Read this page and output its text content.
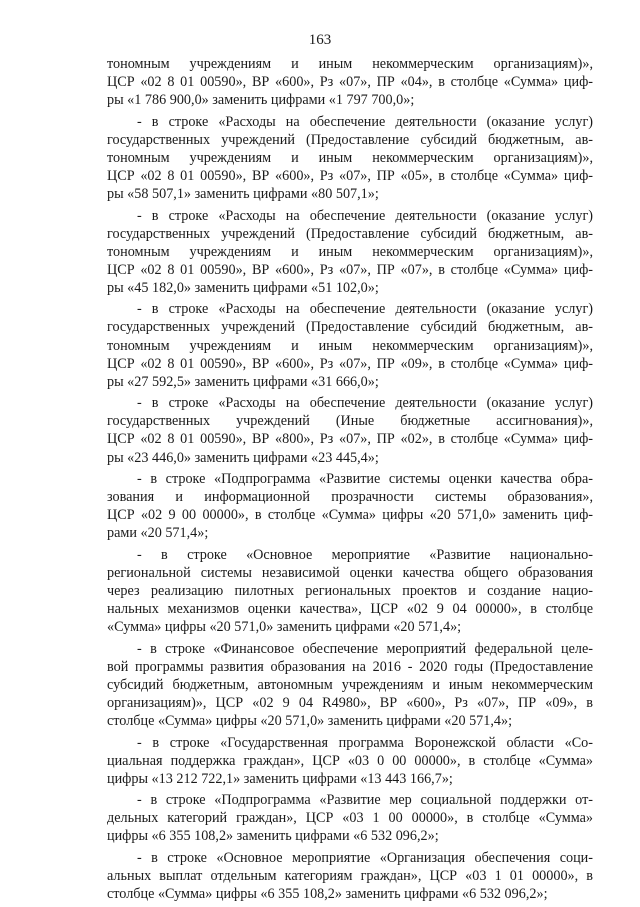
163
тономным учреждениям и иным некоммерческим организациям)»,
ЦСР «02 8 01 00590», ВР «600», Рз «07», ПР «04», в столбце «Сумма» циф-
ры «1 786 900,0» заменить цифрами «1 797 700,0»;
- в строке «Расходы на обеспечение деятельности (оказание услуг)
государственных учреждений (Предоставление субсидий бюджетным, ав-
тономным учреждениям и иным некоммерческим организациям)»,
ЦСР «02 8 01 00590», ВР «600», Рз «07», ПР «05», в столбце «Сумма» циф-
ры «58 507,1» заменить цифрами «80 507,1»;
- в строке «Расходы на обеспечение деятельности (оказание услуг)
государственных учреждений (Предоставление субсидий бюджетным, ав-
тономным учреждениям и иным некоммерческим организациям)»,
ЦСР «02 8 01 00590», ВР «600», Рз «07», ПР «07», в столбце «Сумма» циф-
ры «45 182,0» заменить цифрами «51 102,0»;
- в строке «Расходы на обеспечение деятельности (оказание услуг)
государственных учреждений (Предоставление субсидий бюджетным, ав-
тономным учреждениям и иным некоммерческим организациям)»,
ЦСР «02 8 01 00590», ВР «600», Рз «07», ПР «09», в столбце «Сумма» циф-
ры «27 592,5» заменить цифрами «31 666,0»;
- в строке «Расходы на обеспечение деятельности (оказание услуг)
государственных учреждений (Иные бюджетные ассигнования)»,
ЦСР «02 8 01 00590», ВР «800», Рз «07», ПР «02», в столбце «Сумма» циф-
ры «23 446,0» заменить цифрами «23 445,4»;
- в строке «Подпрограмма «Развитие системы оценки качества обра-
зования и информационной прозрачности системы образования»,
ЦСР «02 9 00 00000», в столбце «Сумма» цифры «20 571,0» заменить циф-
рами «20 571,4»;
- в строке «Основное мероприятие «Развитие национально-
региональной системы независимой оценки качества общего образования
через реализацию пилотных региональных проектов и создание нацио-
нальных механизмов оценки качества», ЦСР «02 9 04 00000», в столбце
«Сумма» цифры «20 571,0» заменить цифрами «20 571,4»;
- в строке «Финансовое обеспечение мероприятий федеральной целе-
вой программы развития образования на 2016 - 2020 годы (Предоставление
субсидий бюджетным, автономным учреждениям и иным некоммерческим
организациям)», ЦСР «02 9 04 R4980», ВР «600», Рз «07», ПР «09», в
столбце «Сумма» цифры «20 571,0» заменить цифрами «20 571,4»;
- в строке «Государственная программа Воронежской области «Со-
циальная поддержка граждан», ЦСР «03 0 00 00000», в столбце «Сумма»
цифры «13 212 722,1» заменить цифрами «13 443 166,7»;
- в строке «Подпрограмма «Развитие мер социальной поддержки от-
дельных категорий граждан», ЦСР «03 1 00 00000», в столбце «Сумма»
цифры «6 355 108,2» заменить цифрами «6 532 096,2»;
- в строке «Основное мероприятие «Организация обеспечения соци-
альных выплат отдельным категориям граждан», ЦСР «03 1 01 00000», в
столбце «Сумма» цифры «6 355 108,2» заменить цифрами «6 532 096,2»;
